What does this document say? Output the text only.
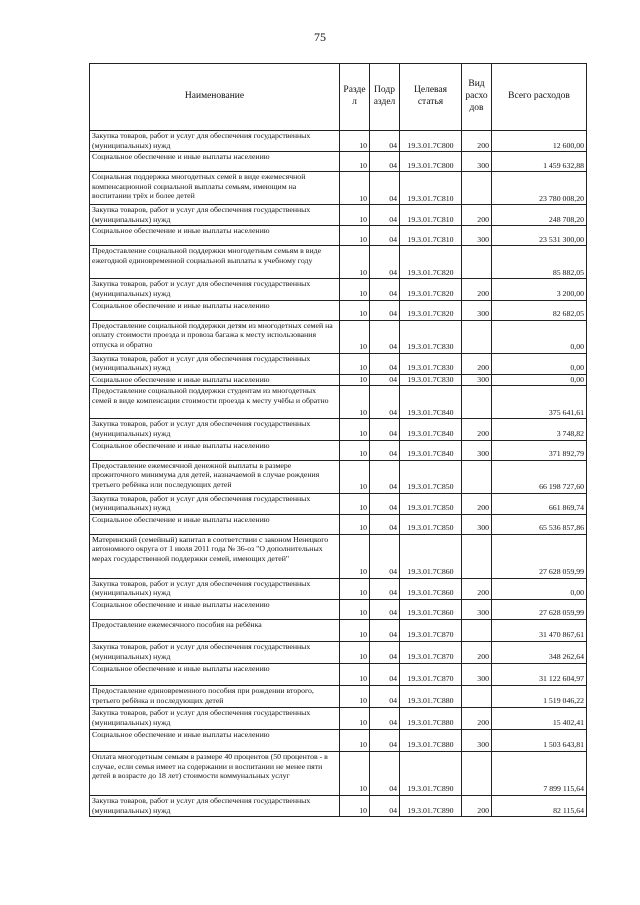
75
Наименование	Разде л	Подр аздел	Целевая статья	Вид расхо дов	Всего расходов
Закупка товаров, работ и услуг для обеспечения государственных (муниципальных) нужд	10	04	19.3.01.7С800	200	12 600,00
Социальное обеспечение и иные выплаты населению	10	04	19.3.01.7С800	300	1 459 632,88
Социальная поддержка многодетных семей в виде ежемесячной компенсационной социальной выплаты семьям, имеющим на воспитании трёх и более детей	10	04	19.3.01.7С810		23 780 008,20
Закупка товаров, работ и услуг для обеспечения государственных (муниципальных) нужд	10	04	19.3.01.7С810	200	248 708,20
Социальное обеспечение и иные выплаты населению	10	04	19.3.01.7С810	300	23 531 300,00
Предоставление социальной поддержки многодетным семьям в виде ежегодной единовременной социальной выплаты к учебному году	10	04	19.3.01.7С820		85 882,05
Закупка товаров, работ и услуг для обеспечения государственных (муниципальных) нужд	10	04	19.3.01.7С820	200	3 200,00
Социальное обеспечение и иные выплаты населению	10	04	19.3.01.7С820	300	82 682,05
Предоставление социальной поддержки детям из многодетных семей на оплату стоимости проезда и провоза багажа к месту использования отпуска и обратно	10	04	19.3.01.7С830		0,00
Закупка товаров, работ и услуг для обеспечения государственных (муниципальных) нужд	10	04	19.3.01.7С830	200	0,00
Социальное обеспечение и иные выплаты населению	10	04	19.3.01.7С830	300	0,00
Предоставление социальной поддержки студентам из многодетных семей в виде компенсации стоимости проезда к месту учёбы и обратно	10	04	19.3.01.7С840		375 641,61
Закупка товаров, работ и услуг для обеспечения государственных (муниципальных) нужд	10	04	19.3.01.7С840	200	3 748,82
Социальное обеспечение и иные выплаты населению	10	04	19.3.01.7С840	300	371 892,79
Предоставление ежемесячной денежной выплаты в размере прожиточного минимума для детей, назначаемой в случае рождения третьего ребёнка или последующих детей	10	04	19.3.01.7С850		66 198 727,60
Закупка товаров, работ и услуг для обеспечения государственных (муниципальных) нужд	10	04	19.3.01.7С850	200	661 869,74
Социальное обеспечение и иные выплаты населению	10	04	19.3.01.7С850	300	65 536 857,86
Материнский (семейный) капитал в соответствии с законом Ненецкого автономного округа от 1 июля 2011 года № 36-оз "О дополнительных мерах государственной поддержки семей, имеющих детей"	10	04	19.3.01.7С860		27 628 059,99
Закупка товаров, работ и услуг для обеспечения государственных (муниципальных) нужд	10	04	19.3.01.7С860	200	0,00
Социальное обеспечение и иные выплаты населению	10	04	19.3.01.7С860	300	27 628 059,99
Предоставление ежемесячного пособия на ребёнка	10	04	19.3.01.7С870		31 470 867,61
Закупка товаров, работ и услуг для обеспечения государственных (муниципальных) нужд	10	04	19.3.01.7С870	200	348 262,64
Социальное обеспечение и иные выплаты населению	10	04	19.3.01.7С870	300	31 122 604,97
Предоставление единовременного пособия при рождении второго, третьего ребёнка и последующих детей	10	04	19.3.01.7С880		1 519 046,22
Закупка товаров, работ и услуг для обеспечения государственных (муниципальных) нужд	10	04	19.3.01.7С880	200	15 402,41
Социальное обеспечение и иные выплаты населению	10	04	19.3.01.7С880	300	1 503 643,81
Оплата многодетным семьям в размере 40 процентов (50 процентов - в случае, если семья имеет на содержании и воспитании не менее пяти детей в возрасте до 18 лет) стоимости коммунальных услуг	10	04	19.3.01.7С890		7 899 115,64
Закупка товаров, работ и услуг для обеспечения государственных (муниципальных) нужд	10	04	19.3.01.7С890	200	82 115,64
